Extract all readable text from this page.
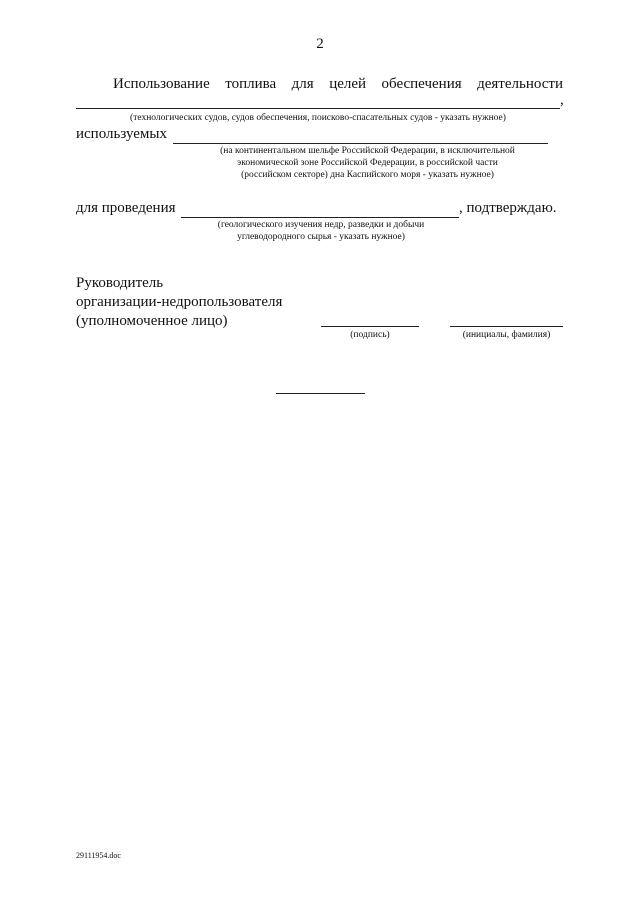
2
Использование топлива для целей обеспечения деятельности
,
(технологических судов, судов обеспечения, поисково-спасательных судов - указать нужное)
используемых
(на континентальном шельфе Российской Федерации, в исключительной
экономической зоне Российской Федерации, в российской части
(российском секторе) дна Каспийского моря - указать нужное)
для проведения	, подтверждаю.
(геологического изучения недр, разведки и добычи
углеводородного сырья - указать нужное)
Руководитель
организации-недропользователя
(уполномоченное лицо)
(подпись)	(инициалы, фамилия)
29111954.doc
